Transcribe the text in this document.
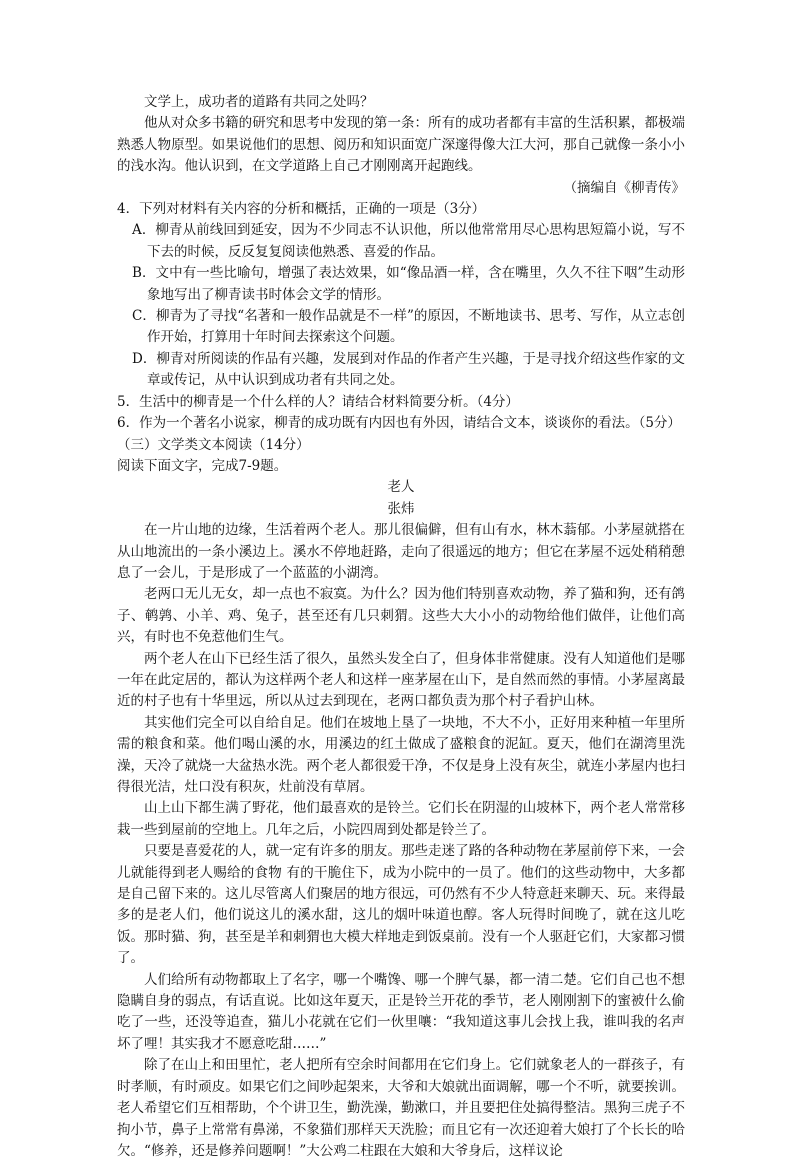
文学上，成功者的道路有共同之处吗？

他从对众多书籍的研究和思考中发现的第一条：所有的成功者都有丰富的生活积累，都极端熟悉人物原型。如果说他们的思想、阅历和知识面宽广深邃得像大江大河，那自己就像一条小小的浅水沟。他认识到，在文学道路上自己才刚刚离开起跑线。

（摘编自《柳青传》

4．下列对材料有关内容的分析和概括，正确的一项是（3分）

A．柳青从前线回到延安，因为不少同志不认识他，所以他常常用尽心思构思短篇小说，写不下去的时候，反反复复阅读他熟悉、喜爱的作品。

B．文中有一些比喻句，增强了表达效果，如“像品酒一样，含在嘴里，久久不往下咽”生动形象地写出了柳青读书时体会文学的情形。

C．柳青为了寻找“名著和一般作品就是不一样”的原因，不断地读书、思考、写作，从立志创作开始，打算用十年时间去探索这个问题。

D．柳青对所阅读的作品有兴趣，发展到对作品的作者产生兴趣，于是寻找介绍这些作家的文章或传记，从中认识到成功者有共同之处。

5．生活中的柳青是一个什么样的人？请结合材料简要分析。（4分）

6．作为一个著名小说家，柳青的成功既有内因也有外因，请结合文本，谈谈你的看法。（5分）

（三）文学类文本阅读（14分）

阅读下面文字，完成7-9题。

老人

张炜

在一片山地的边缘，生活着两个老人。那儿很偏僻，但有山有水，林木蓊郁。小茅屋就搭在从山地流出的一条小溪边上。溪水不停地赶路，走向了很遥远的地方；但它在茅屋不远处稍稍憩息了一会儿，于是形成了一个蓝蓝的小湖湾。

老两口无儿无女，却一点也不寂寞。为什么？因为他们特别喜欢动物，养了猫和狗，还有鸽子、鹌鹑、小羊、鸡、兔子，甚至还有几只刺猬。这些大大小小的动物给他们做伴，让他们高兴，有时也不免惹他们生气。

两个老人在山下已经生活了很久，虽然头发全白了，但身体非常健康。没有人知道他们是哪一年在此定居的，都认为这样两个老人和这样一座茅屋在山下，是自然而然的事情。小茅屋离最近的村子也有十华里远，所以从过去到现在，老两口都负责为那个村子看护山林。

其实他们完全可以自给自足。他们在坡地上垦了一块地，不大不小，正好用来种植一年里所需的粮食和菜。他们喝山溪的水，用溪边的红土做成了盛粮食的泥缸。夏天，他们在湖湾里洗澡，天冷了就烧一大盆热水洗。两个老人都很爱干净，不仅是身上没有灰尘，就连小茅屋内也扫得很光洁，灶口没有积灰，灶前没有草屑。

山上山下都生满了野花，他们最喜欢的是铃兰。它们长在阴湿的山坡林下，两个老人常常移栽一些到屋前的空地上。几年之后，小院四周到处都是铃兰了。

只要是喜爱花的人，就一定有许多的朋友。那些走迷了路的各种动物在茅屋前停下来，一会儿就能得到老人赐给的食物 有的干脆住下，成为小院中的一员了。他们的这些动物中，大多都是自己留下来的。这儿尽管离人们聚居的地方很远，可仍然有不少人特意赶来聊天、玩。来得最多的是老人们，他们说这儿的溪水甜，这儿的烟叶味道也醇。客人玩得时间晚了，就在这儿吃饭。那时猫、狗，甚至是羊和刺猬也大模大样地走到饭桌前。没有一个人驱赶它们，大家都习惯了。

人们给所有动物都取上了名字，哪一个嘴馋、哪一个脾气暴，都一清二楚。它们自己也不想隐瞒自身的弱点，有话直说。比如这年夏天，正是铃兰开花的季节，老人刚刚割下的蜜被什么偷吃了一些，还没等追查，猫儿小花就在它们一伙里嚷：“我知道这事儿会找上我，谁叫我的名声坏了哩！其实我才不愿意吃甜……”

除了在山上和田里忙，老人把所有空余时间都用在它们身上。它们就象老人的一群孩子，有时孝顺，有时顽皮。如果它们之间吵起架来，大爷和大娘就出面调解，哪一个不听，就要挨训。老人希望它们互相帮助，个个讲卫生，勤洗澡，勤漱口，并且要把住处搞得整洁。黑狗三虎子不拘小节，鼻子上常常有鼻涕，不象猫们那样天天洗脸；而且它有一次还迎着大娘打了个长长的哈欠。“修养，还是修养问题啊！”大公鸡二柱跟在大娘和大爷身后，这样议论
